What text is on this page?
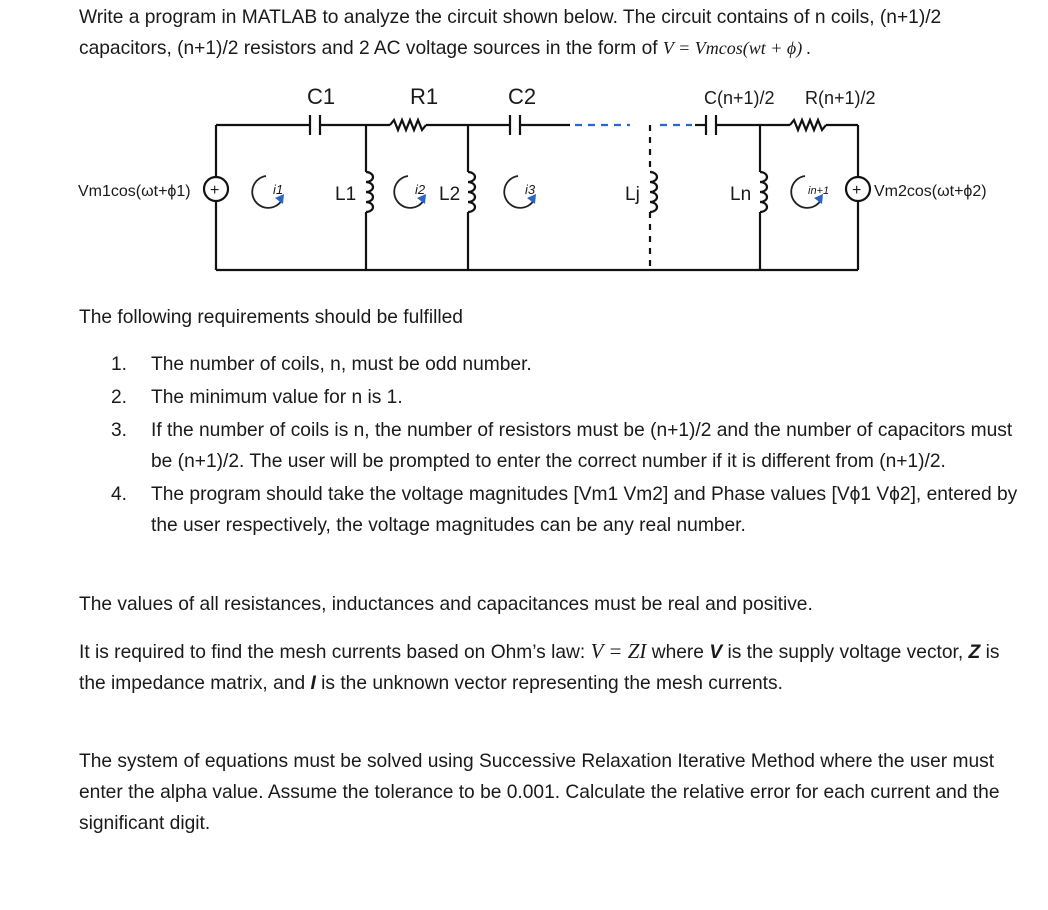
Write a program in MATLAB to analyze the circuit shown below. The circuit contains of n coils, (n+1)/2 capacitors, (n+1)/2 resistors and 2 AC voltage sources in the form of V = Vmcos(wt + ϕ) .

C1	R1	C2	C(n+1)/2 R(n+1)/2
L1	L2	Lj	Ln
i1	i2	i3	in+1
+	+
Vm1cos(ωt+ϕ1)	Vm2cos(ωt+ϕ2)

The following requirements should be fulfilled

1. The number of coils, n, must be odd number.
2. The minimum value for n is 1.
3. If the number of coils is n, the number of resistors must be (n+1)/2 and the number of capacitors must be (n+1)/2. The user will be prompted to enter the correct number if it is different from (n+1)/2.
4. The program should take the voltage magnitudes [Vm1 Vm2] and Phase values [Vϕ1 Vϕ2], entered by the user respectively, the voltage magnitudes can be any real number.

The values of all resistances, inductances and capacitances must be real and positive.

It is required to find the mesh currents based on Ohm’s law: V = ZI where V is the supply voltage vector, Z is the impedance matrix, and I is the unknown vector representing the mesh currents.

The system of equations must be solved using Successive Relaxation Iterative Method where the user must enter the alpha value. Assume the tolerance to be 0.001. Calculate the relative error for each current and the significant digit.
